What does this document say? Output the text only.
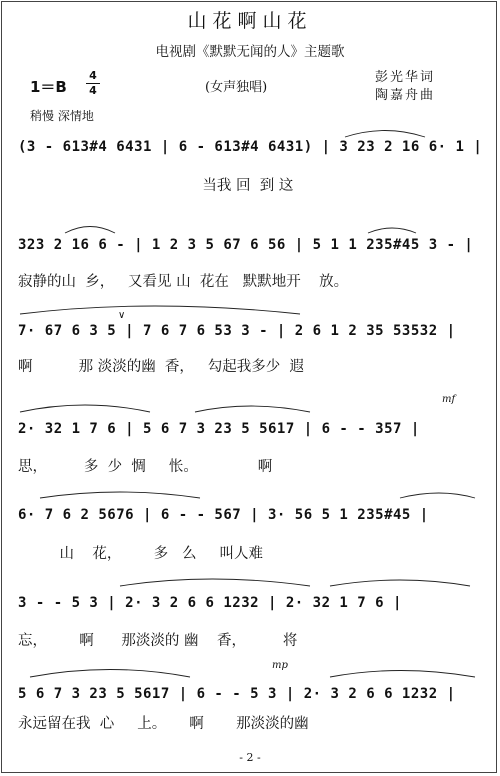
山花啊山花
电视剧《默默无闻的人》主题歌
1＝B
4
4	(女声独唱)
彭光华词
陶嘉舟曲
稍慢 深情地
(3 - 613#4 6431 | 6 - 613#4 6431) | 3 23 2 16 6· 1 |
当我 回  到 这
323 2 16 6 - | 1 2 3 5 67 6 56 | 5 1 1 235#45 3 - |
寂静的山  乡，   又看见 山  花在   默默地开    放。
7· 67 6 3 5 | 7 6 7 6 53 3 - | 2 6 1 2 35 53532 |
啊          那 淡淡的幽  香，   勾起我多少  遐
2· 32 1 7 6 | 5 6 7 3 23 5 5617 | 6 - - 357 |
思，        多  少  惆     怅。             啊
6· 7 6 2 5676 | 6 - - 567 | 3· 56 5 1 235#45 |
山    花，       多   么     叫人难
3 - - 5 3 | 2· 3 2 6 6 1232 | 2· 32 1 7 6 |
忘，       啊      那淡淡的 幽    香，        将
5 6 7 3 23 5 5617 | 6 - - 5 3 | 2· 3 2 6 6 1232 |
永远留在我  心     上。     啊       那淡淡的幽
mf
mp
∨
- 2 -
